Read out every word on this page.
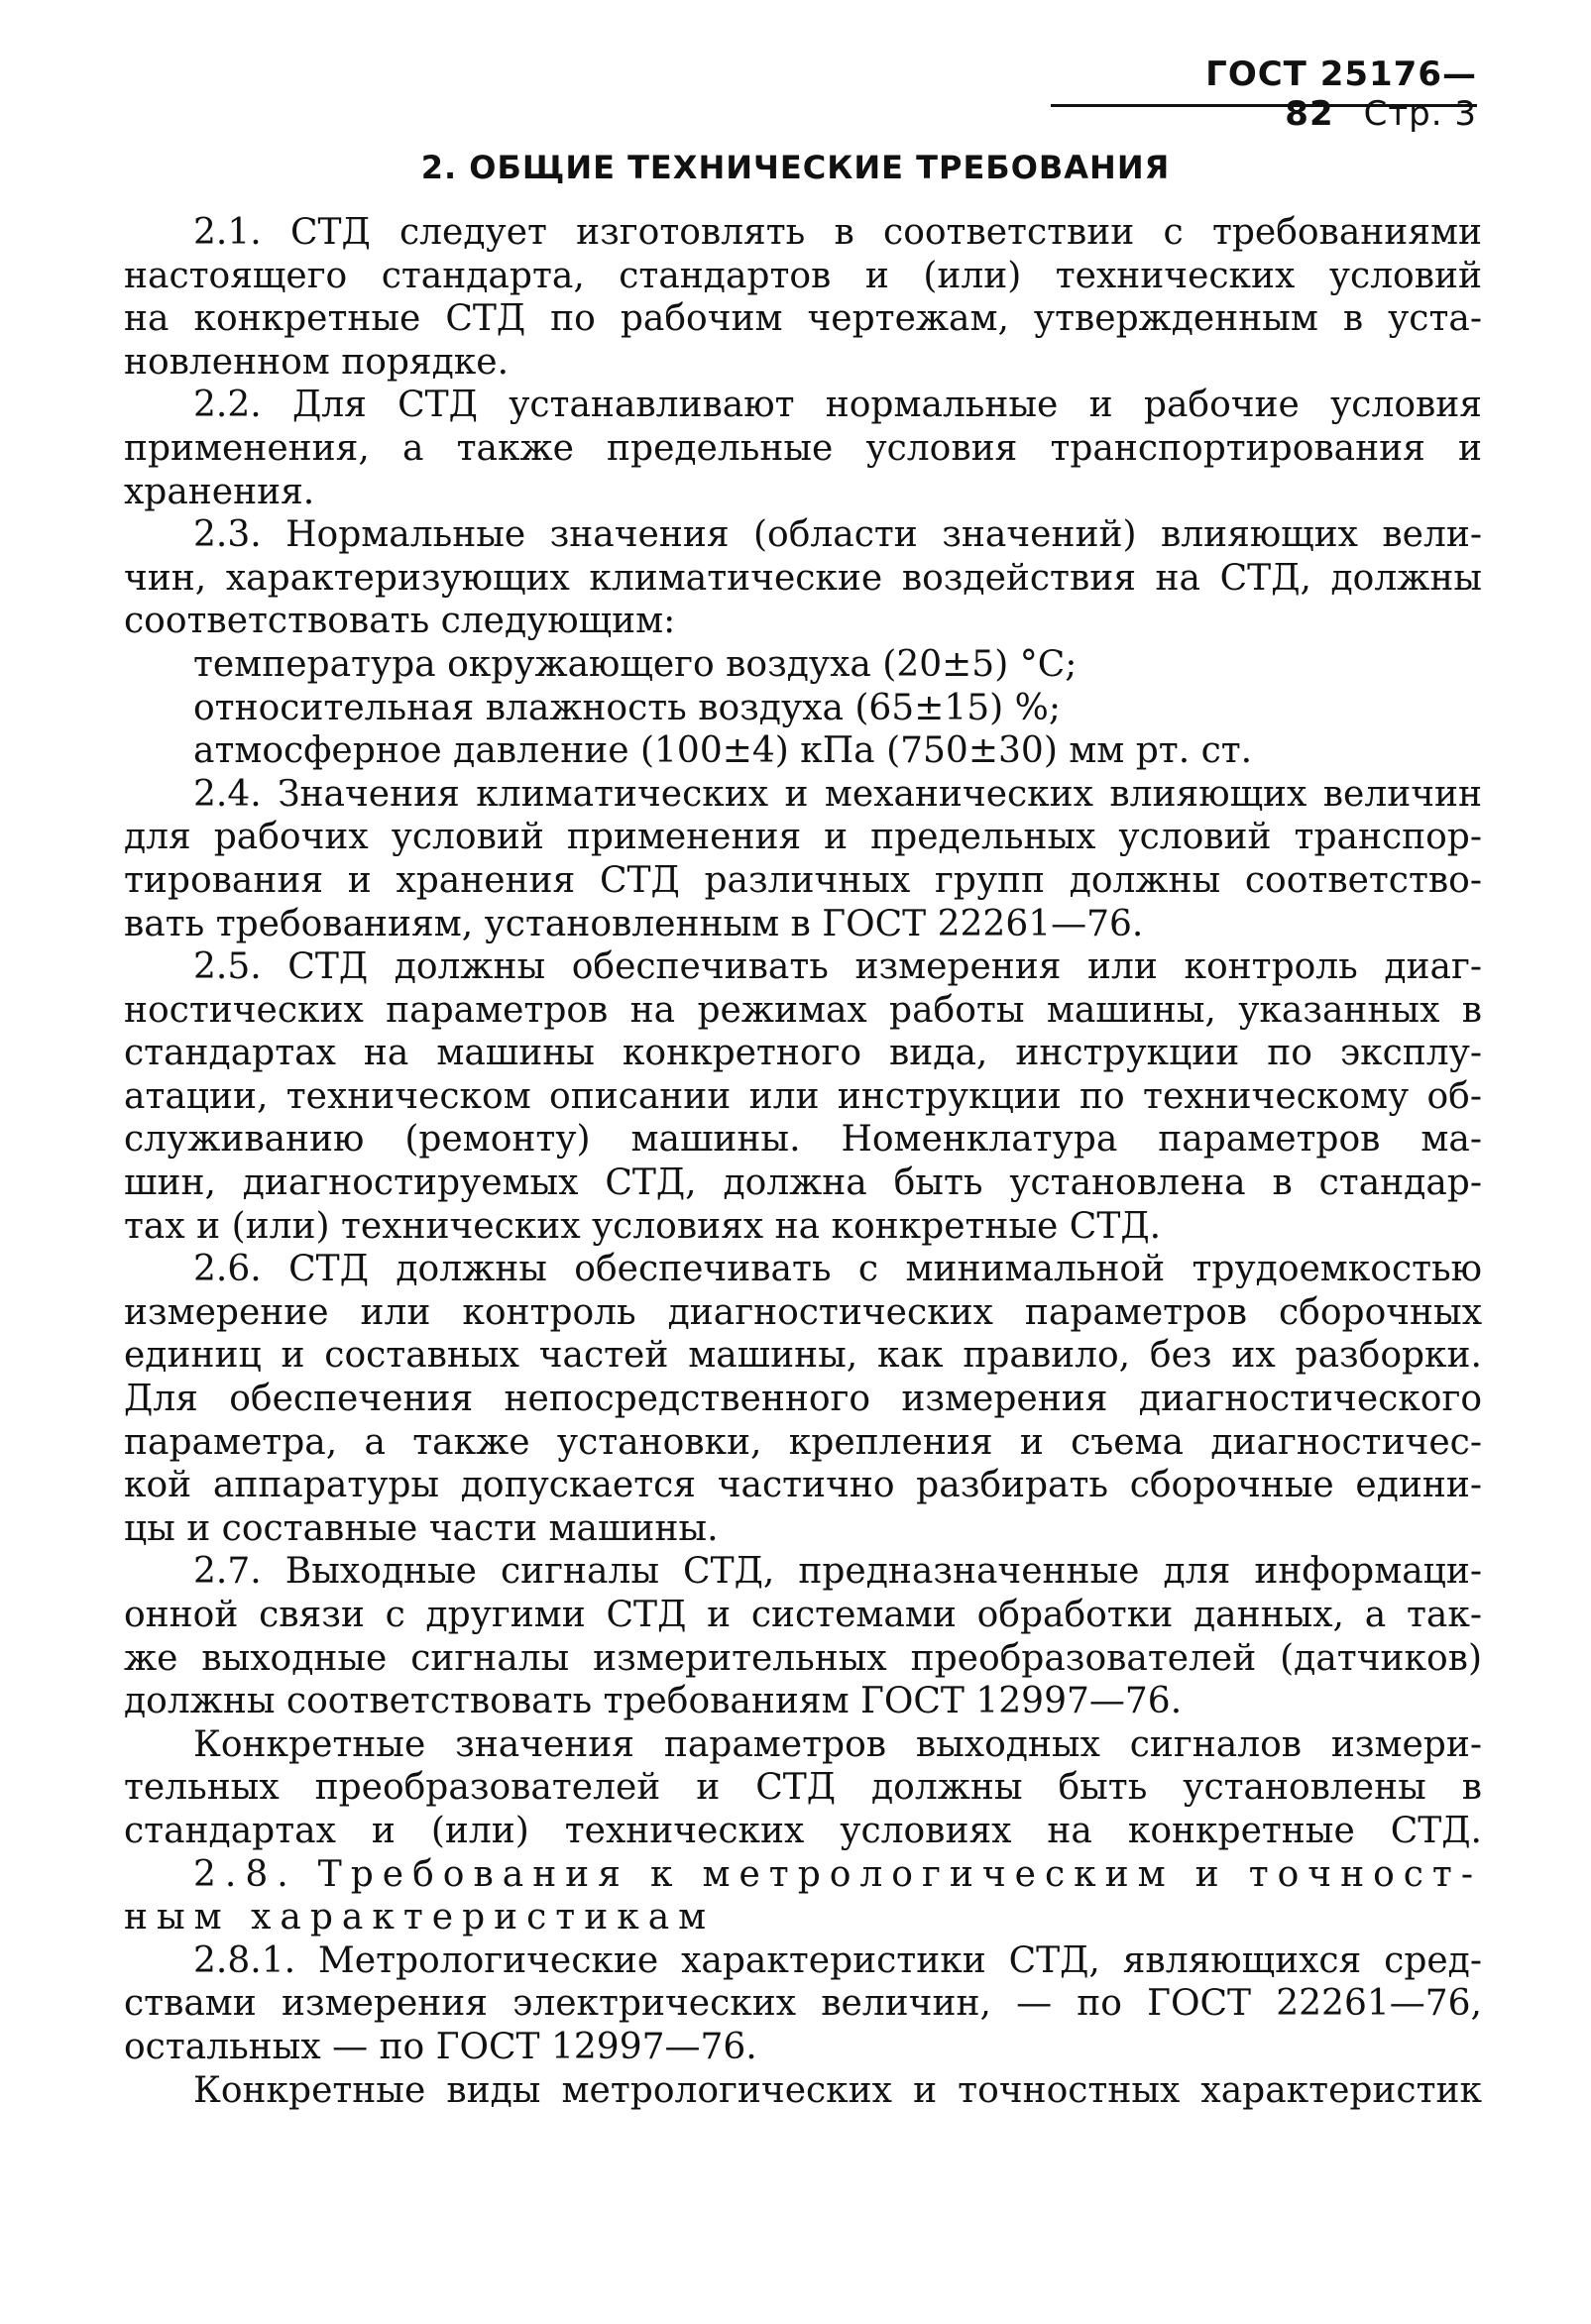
ГОСТ 25176—82 Стр. 3
2. ОБЩИЕ ТЕХНИЧЕСКИЕ ТРЕБОВАНИЯ
2.1. СТД следует изготовлять в соответствии с требованиями
настоящего стандарта, стандартов и (или) технических условий
на конкретные СТД по рабочим чертежам, утвержденным в уста-
новленном порядке.
2.2. Для СТД устанавливают нормальные и рабочие условия
применения, а также предельные условия транспортирования и
хранения.
2.3. Нормальные значения (области значений) влияющих вели-
чин, характеризующих климатические воздействия на СТД, должны
соответствовать следующим:
температура окружающего воздуха (20±5) °С;
относительная влажность воздуха (65±15) %;
атмосферное давление (100±4) кПа (750±30) мм рт. ст.
2.4. Значения климатических и механических влияющих величин
для рабочих условий применения и предельных условий транспор-
тирования и хранения СТД различных групп должны соответство-
вать требованиям, установленным в ГОСТ 22261—76.
2.5. СТД должны обеспечивать измерения или контроль диаг-
ностических параметров на режимах работы машины, указанных в
стандартах на машины конкретного вида, инструкции по эксплу-
атации, техническом описании или инструкции по техническому об-
служиванию (ремонту) машины. Номенклатура параметров ма-
шин, диагностируемых СТД, должна быть установлена в стандар-
тах и (или) технических условиях на конкретные СТД.
2.6. СТД должны обеспечивать с минимальной трудоемкостью
измерение или контроль диагностических параметров сборочных
единиц и составных частей машины, как правило, без их разборки.
Для обеспечения непосредственного измерения диагностического
параметра, а также установки, крепления и съема диагностичес-
кой аппаратуры допускается частично разбирать сборочные едини-
цы и составные части машины.
2.7. Выходные сигналы СТД, предназначенные для информаци-
онной связи с другими СТД и системами обработки данных, а так-
же выходные сигналы измерительных преобразователей (датчиков)
должны соответствовать требованиям ГОСТ 12997—76.
Конкретные значения параметров выходных сигналов измери-
тельных преобразователей и СТД должны быть установлены в
стандартах и (или) технических условиях на конкретные СТД.
2.8. Требования к метрологическим и точност-
ным характеристикам
2.8.1. Метрологические характеристики СТД, являющихся сред-
ствами измерения электрических величин, — по ГОСТ 22261—76,
остальных — по ГОСТ 12997—76.
Конкретные виды метрологических и точностных характеристик
